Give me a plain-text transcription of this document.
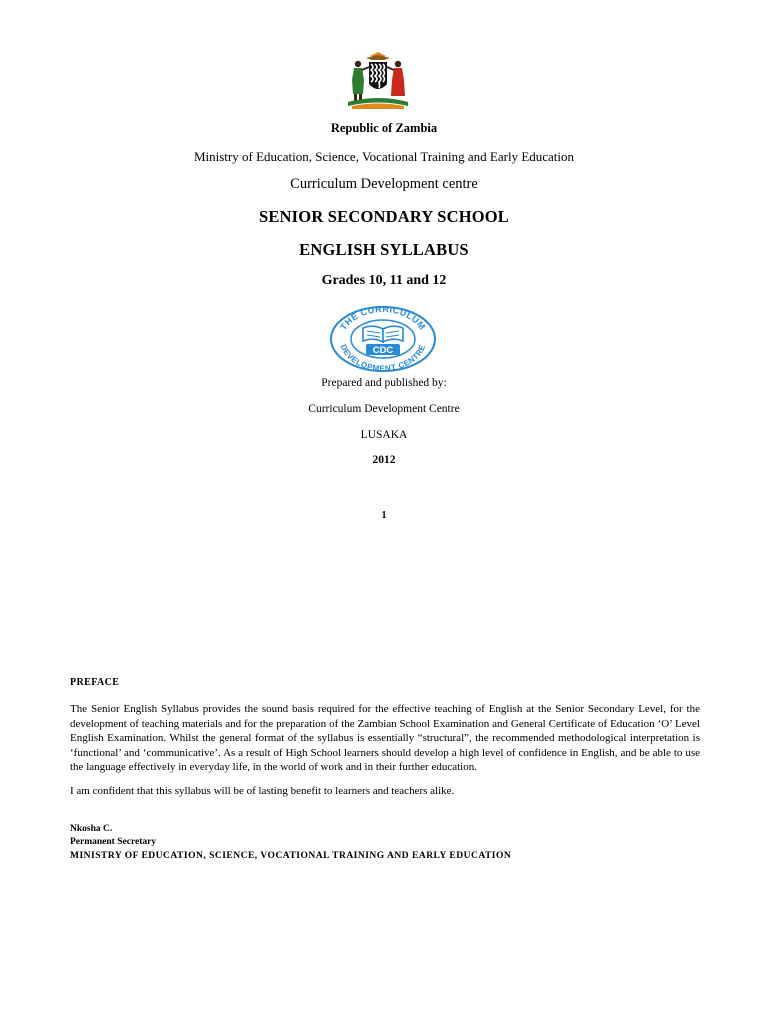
Republic of Zambia
Ministry of Education, Science, Vocational Training and Early Education
Curriculum Development centre
SENIOR SECONDARY SCHOOL
ENGLISH SYLLABUS
Grades 10, 11 and 12
THE CURRICULUM
DEVELOPMENT CENTRE
CDC
Prepared and published by:
Curriculum Development Centre
LUSAKA
2012
1
PREFACE

The Senior English Syllabus provides the sound basis required for the effective teaching of English at the Senior Secondary Level, for the development of teaching materials and for the preparation of the Zambian School Examination and General Certificate of Education ‘O’ Level English Examination. Whilst the general format of the syllabus is essentially “structural”, the recommended methodological interpretation is ‘functional’ and ‘communicative’. As a result of High School learners should develop a high level of confidence in English, and be able to use the language effectively in everyday life, in the world of work and in their further education.

I am confident that this syllabus will be of lasting benefit to learners and teachers alike.

Nkosha C.
Permanent Secretary
MINISTRY OF EDUCATION, SCIENCE, VOCATIONAL TRAINING AND EARLY EDUCATION
